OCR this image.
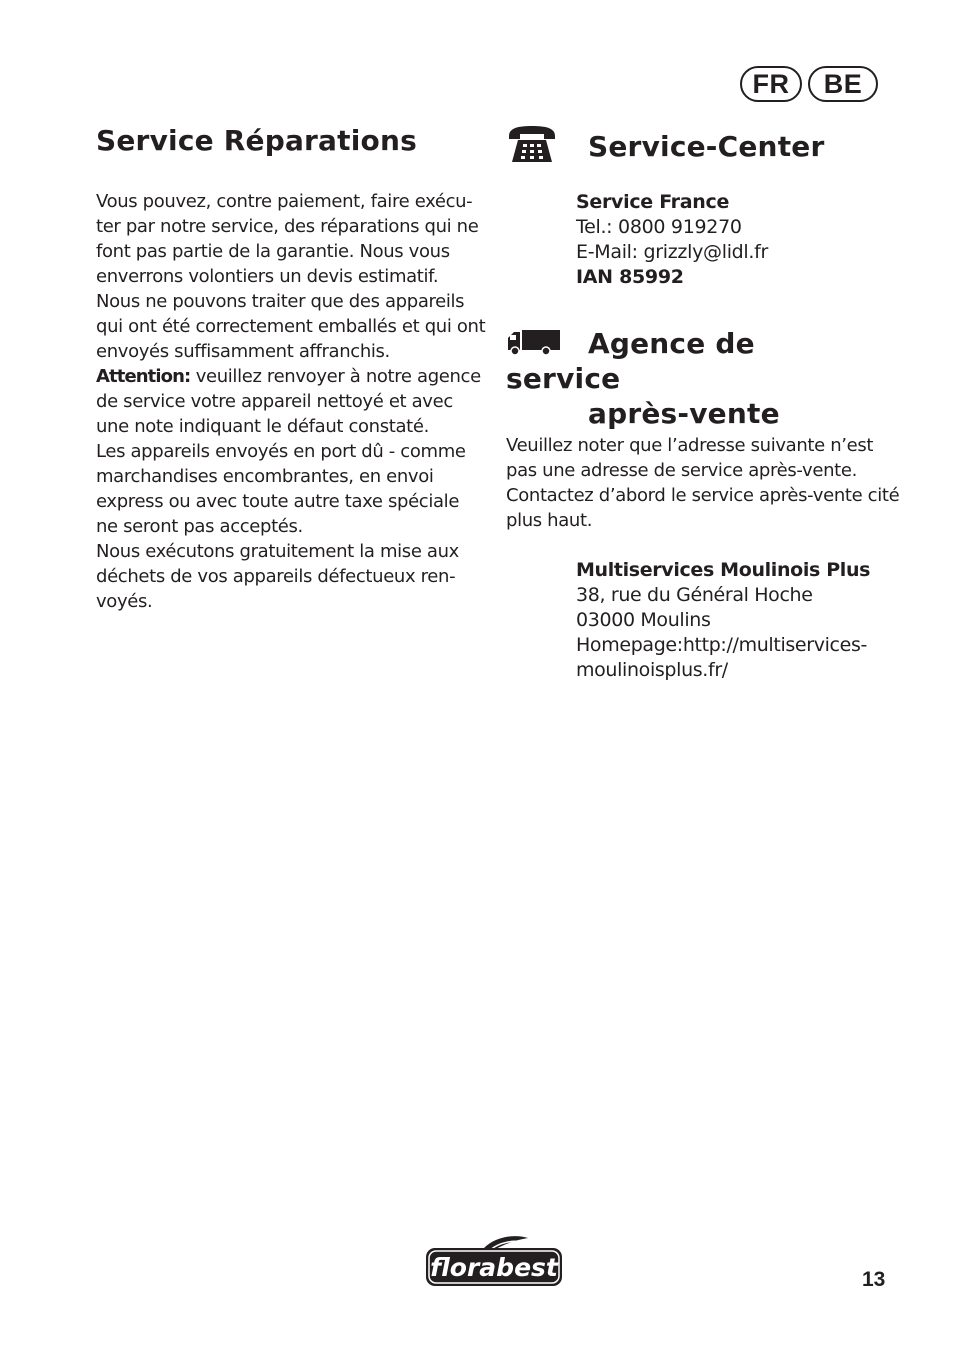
FR	BE
Service Réparations

Vous pouvez, contre paiement, faire exécu-ter par notre service, des réparations qui ne font pas partie de la garantie. Nous vous enverrons volontiers un devis estimatif.
Nous ne pouvons traiter que des appareils qui ont été correctement emballés et qui ont envoyés suffisamment affranchis.
Attention: veuillez renvoyer à notre agence de service votre appareil nettoyé et avec une note indiquant le défaut constaté.
Les appareils envoyés en port dû - comme marchandises encombrantes, en envoi express ou avec toute autre taxe spéciale ne seront pas acceptés.
Nous exécutons gratuitement la mise aux déchets de vos appareils défectueux ren-voyés.

Service-Center
Service France
Tel.: 0800 919270
E-Mail: grizzly@lidl.fr
IAN 85992
Agence de
service
après-vente

Veuillez noter que l’adresse suivante n’est pas une adresse de service après-vente. Contactez d’abord le service après-vente cité plus haut.

Multiservices Moulinois Plus
38, rue du Général Hoche
03000 Moulins
Homepage:http://multiservices-
moulinoisplus.fr/
florabest	13
